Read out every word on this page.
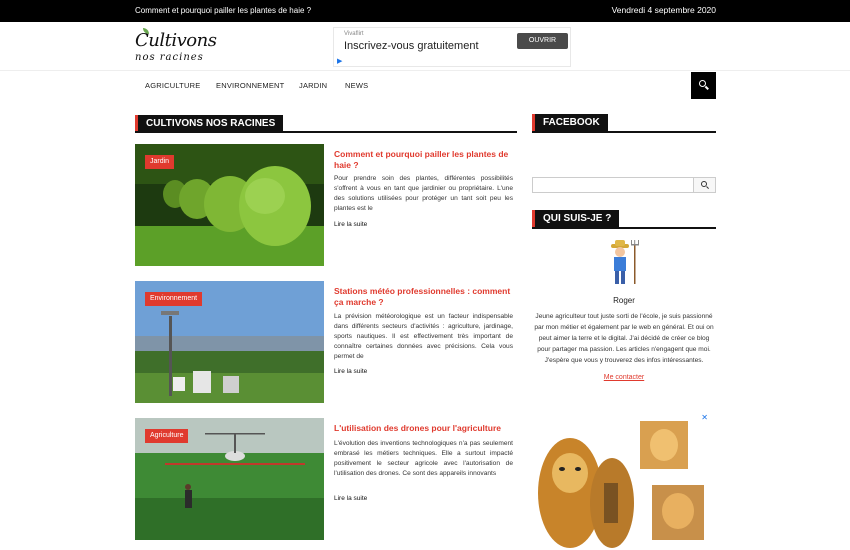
Comment et pourquoi pailler les plantes de haie ?	Vendredi 4 septembre 2020
Cultivons
nos racines
Vivaflirt
Inscrivez-vous gratuitement	OUVRIR
▶
AGRICULTURE ENVIRONNEMENT JARDIN NEWS
CULTIVONS NOS RACINES
Jardin
Comment et pourquoi pailler les plantes de haie ?
Pour prendre soin des plantes, différentes possibilités s'offrent à vous en tant que jardinier ou propriétaire. L'une des solutions utilisées pour protéger un tant soit peu les plantes est le
Lire la suite
Environnement
Stations météo professionnelles : comment ça marche ?
La prévision météorologique est un facteur indispensable dans différents secteurs d'activités : agriculture, jardinage, sports nautiques. Il est effectivement très important de connaître certaines données avec précisions. Cela vous permet de
Lire la suite
Agriculture
L'utilisation des drones pour l'agriculture
L'évolution des inventions technologiques n'a pas seulement embrasé les métiers techniques. Elle a surtout impacté positivement le secteur agricole avec l'autorisation de l'utilisation des drones. Ce sont des appareils innovants
Lire la suite
FACEBOOK
QUI SUIS-JE ?
Roger
Jeune agriculteur tout juste sorti de l'école, je suis passionné par mon métier et également par le web en général. Et oui on peut aimer la terre et le digital. J'ai décidé de créer ce blog pour partager ma passion. Les articles n'engagent que moi. J'espère que vous y trouverez des infos intéressantes.
Me contacter
✕
